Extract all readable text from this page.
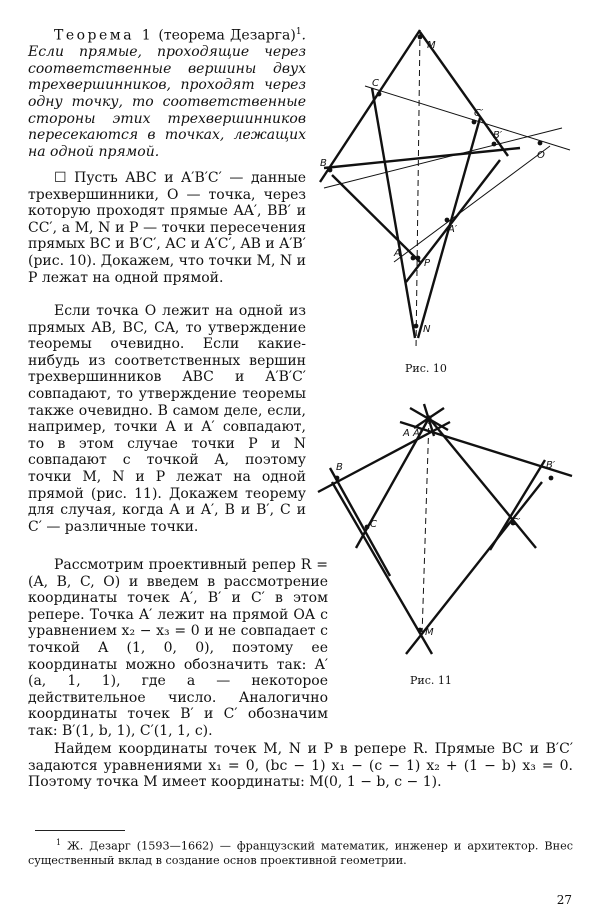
Теорема 1 (теорема Дезарга)$^1$. Если прямые, проходящие через соответственные вершины двух трехвершинников, проходят через одну точку, то соответственные стороны этих трехвершинников пересекаются в точках, лежащих на одной прямой.

☐ Пусть ABC и A′B′C′ — данные трехвершинники, O — точка, через которую проходят прямые AA′, BB′ и CC′, а M, N и P — точки пересечения прямых BC и B′C′, AC и A′C′, AB и A′B′ (рис. 10). Докажем, что точки M, N и P лежат на одной прямой.

Если точка O лежит на одной из прямых AB, BC, CA, то утверждение теоремы очевидно. Если какие-нибудь из соответственных вершин трехвершинников ABC и A′B′C′ совпадают, то утверждение теоремы также очевидно. В самом деле, если, например, точки A и A′ совпадают, то в этом случае точки P и N совпадают с точкой A, поэтому точки M, N и P лежат на одной прямой (рис. 11). Докажем теорему для случая, когда A и A′, B и B′, C и C′ — различные точки.

Рассмотрим проективный репер R = (A, B, C, O) и введем в рассмотрение координаты точек A′, B′ и C′ в этом репере. Точка A′ лежит на прямой OA с уравнением x₂ − x₃ = 0 и не совпадает с точкой A (1, 0, 0), поэтому ее координаты можно обозначить так: A′(a, 1, 1), где a — некоторое действительное число. Аналогично координаты точек B′ и C′ обозначим так: B′(1, b, 1), C′(1, 1, c).

Найдем координаты точек M, N и P в репере R. Прямые BC и B′C′ задаются уравнениями x₁ = 0, (bc − 1) x₁ − (c − 1) x₂ + (1 − b) x₃ = 0. Поэтому точка M имеет координаты: M(0, 1 − b, c − 1).

M
C
C′
B′
O
B
A′
A
P
N
Рис. 10
A A′
B	B′
C	C′
M
Рис. 11
$^1$ Ж. Дезарг (1593—1662) — французский математик, инженер и архитектор. Внес существенный вклад в создание основ проективной геометрии.
27
